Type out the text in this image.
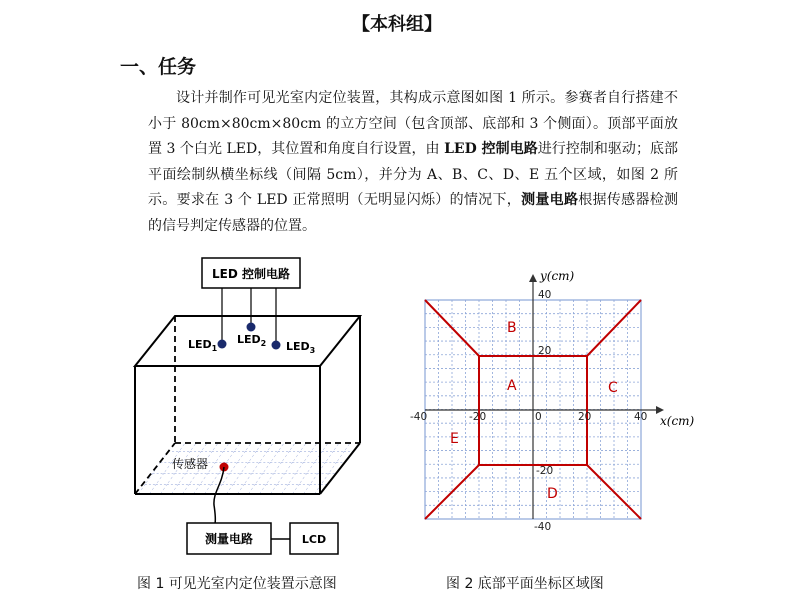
【本科组】
一、任务

设计并制作可见光室内定位装置，其构成示意图如图 1 所示。参赛者自行搭建不小于 80cm×80cm×80cm 的立方空间（包含顶部、底部和 3 个侧面）。顶部平面放置 3 个白光 LED，其位置和角度自行设置，由 LED 控制电路进行控制和驱动；底部平面绘制纵横坐标线（间隔 5cm），并分为 A、B、C、D、E 五个区域，如图 2 所示。要求在 3 个 LED 正常照明（无明显闪烁）的情况下，测量电路根据传感器检测的信号判定传感器的位置。

LED 控制电路
$LED_1$
$LED_2$ $LED_3$
传感器
测量电路	LCD
40
20
0
-20	20
-40	40
-20
-40
y(cm)
x(cm)
B
A	C
E
D
图 1 可见光室内定位装置示意图	图 2 底部平面坐标区域图
